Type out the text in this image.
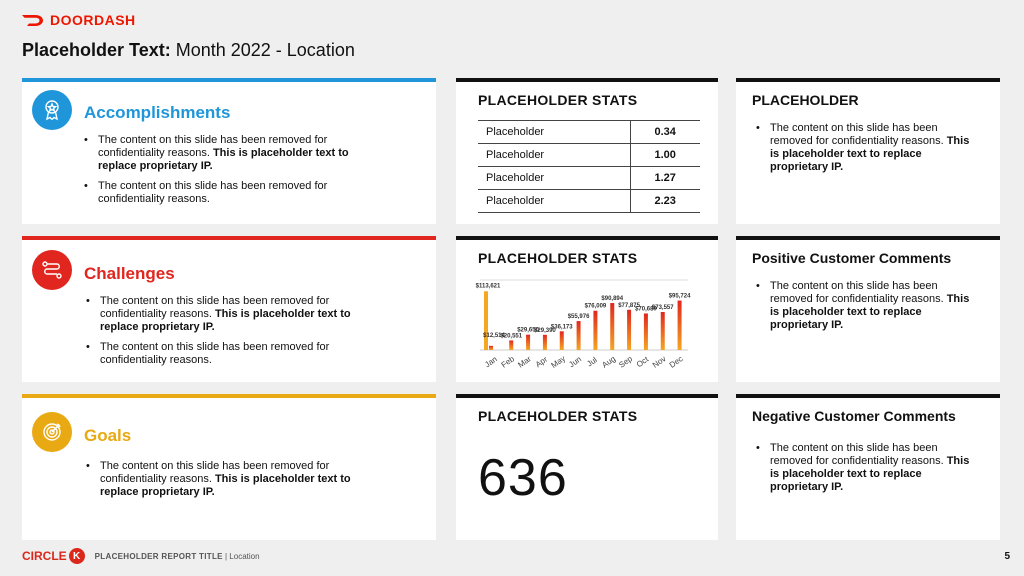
DOORDASH
Placeholder Text: Month 2022 - Location
Accomplishments
• The content on this slide has been removed for confidentiality reasons. This is placeholder text to replace proprietary IP.
• The content on this slide has been removed for confidentiality reasons.
Challenges
• The content on this slide has been removed for confidentiality reasons. This is placeholder text to replace proprietary IP.
• The content on this slide has been removed for confidentiality reasons.
Goals
• The content on this slide has been removed for confidentiality reasons. This is placeholder text to replace proprietary IP.
PLACEHOLDER STATS
Placeholder	0.34
Placeholder	1.00
Placeholder	1.27
Placeholder	2.23
PLACEHOLDER STATS
$113,621
$12,514
Jan
$20,551
Feb
$29,650
Mar
$29,390
Apr
$36,173
May
$55,976
Jun
$76,009
Jul
$90,894
Aug
$77,875
Sep
$70,689
Oct
$73,557
Nov
$95,724
Dec
PLACEHOLDER STATS
636
PLACEHOLDER
• The content on this slide has been removed for confidentiality reasons. This is placeholder text to replace proprietary IP.
Positive Customer Comments
• The content on this slide has been removed for confidentiality reasons. This is placeholder text to replace proprietary IP.
Negative Customer Comments
• The content on this slide has been removed for confidentiality reasons. This is placeholder text to replace proprietary IP.
CIRCLE K	PLACEHOLDER REPORT TITLE | Location	5
